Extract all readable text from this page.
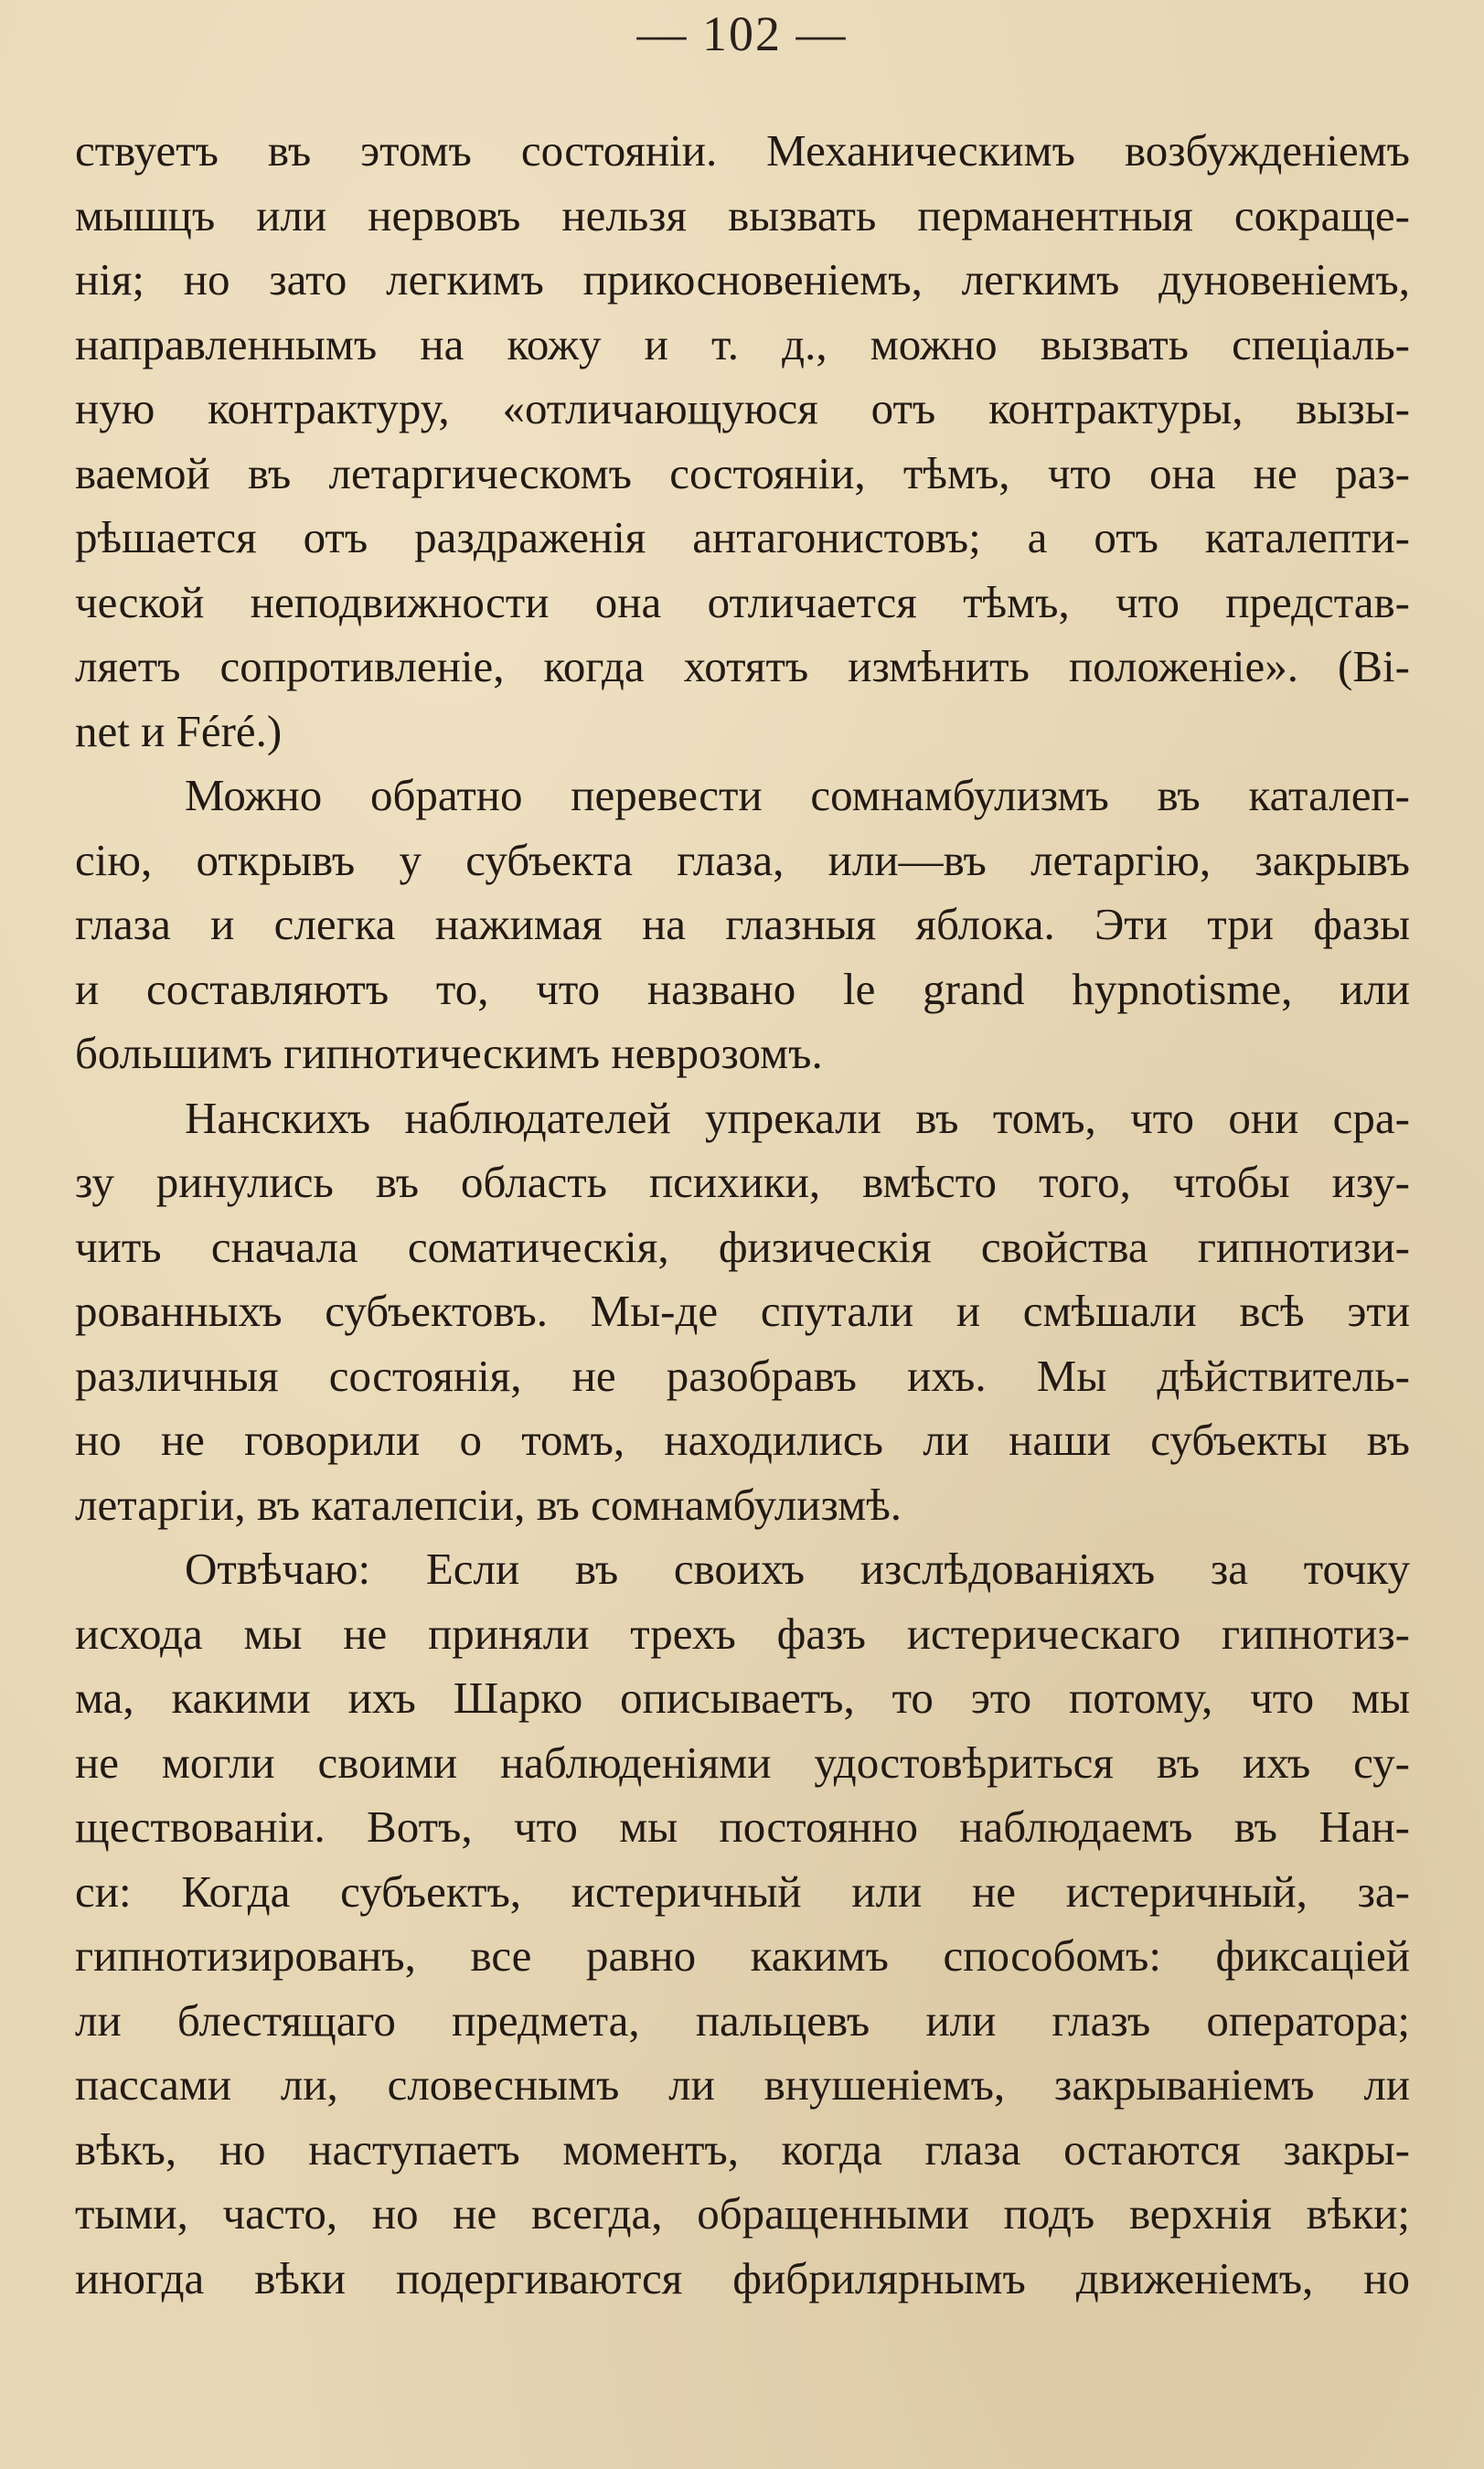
— 102 —
ствуетъ въ этомъ состояніи. Механическимъ возбужденіемъ
мышцъ или нервовъ нельзя вызвать перманентныя сокраще-
нія; но зато легкимъ прикосновеніемъ, легкимъ дуновеніемъ,
направленнымъ на кожу и т. д., можно вызвать спеціаль-
ную контрактуру, «отличающуюся отъ контрактуры, вызы-
ваемой въ летаргическомъ состояніи, тѣмъ, что она не раз-
рѣшается отъ раздраженія антагонистовъ; а отъ каталепти-
ческой неподвижности она отличается тѣмъ, что представ-
ляетъ сопротивленіе, когда хотятъ измѣнить положеніе». (Bi-
net и Féré.)
Можно обратно перевести сомнамбулизмъ въ каталеп-
сію, открывъ у субъекта глаза, или—въ летаргію, закрывъ
глаза и слегка нажимая на глазныя яблока. Эти три фазы
и составляютъ то, что названо le grand hypnotisme, или
большимъ гипнотическимъ неврозомъ.
Нанскихъ наблюдателей упрекали въ томъ, что они сра-
зу ринулись въ область психики, вмѣсто того, чтобы изу-
чить сначала соматическія, физическія свойства гипнотизи-
рованныхъ субъектовъ. Мы-де спутали и смѣшали всѣ эти
различныя состоянія, не разобравъ ихъ. Мы дѣйствитель-
но не говорили о томъ, находились ли наши субъекты въ
летаргіи, въ каталепсіи, въ сомнамбулизмѣ.
Отвѣчаю: Если въ своихъ изслѣдованіяхъ за точку
исхода мы не приняли трехъ фазъ истерическаго гипнотиз-
ма, какими ихъ Шарко описываетъ, то это потому, что мы
не могли своими наблюденіями удостовѣриться въ ихъ су-
ществованіи. Вотъ, что мы постоянно наблюдаемъ въ Нан-
си: Когда субъектъ, истеричный или не истеричный, за-
гипнотизированъ, все равно какимъ способомъ: фиксаціей
ли блестящаго предмета, пальцевъ или глазъ оператора;
пассами ли, словеснымъ ли внушеніемъ, закрываніемъ ли
вѣкъ, но наступаетъ моментъ, когда глаза остаются закры-
тыми, часто, но не всегда, обращенными подъ верхнія вѣки;
иногда вѣки подергиваются фибрилярнымъ движеніемъ, но
